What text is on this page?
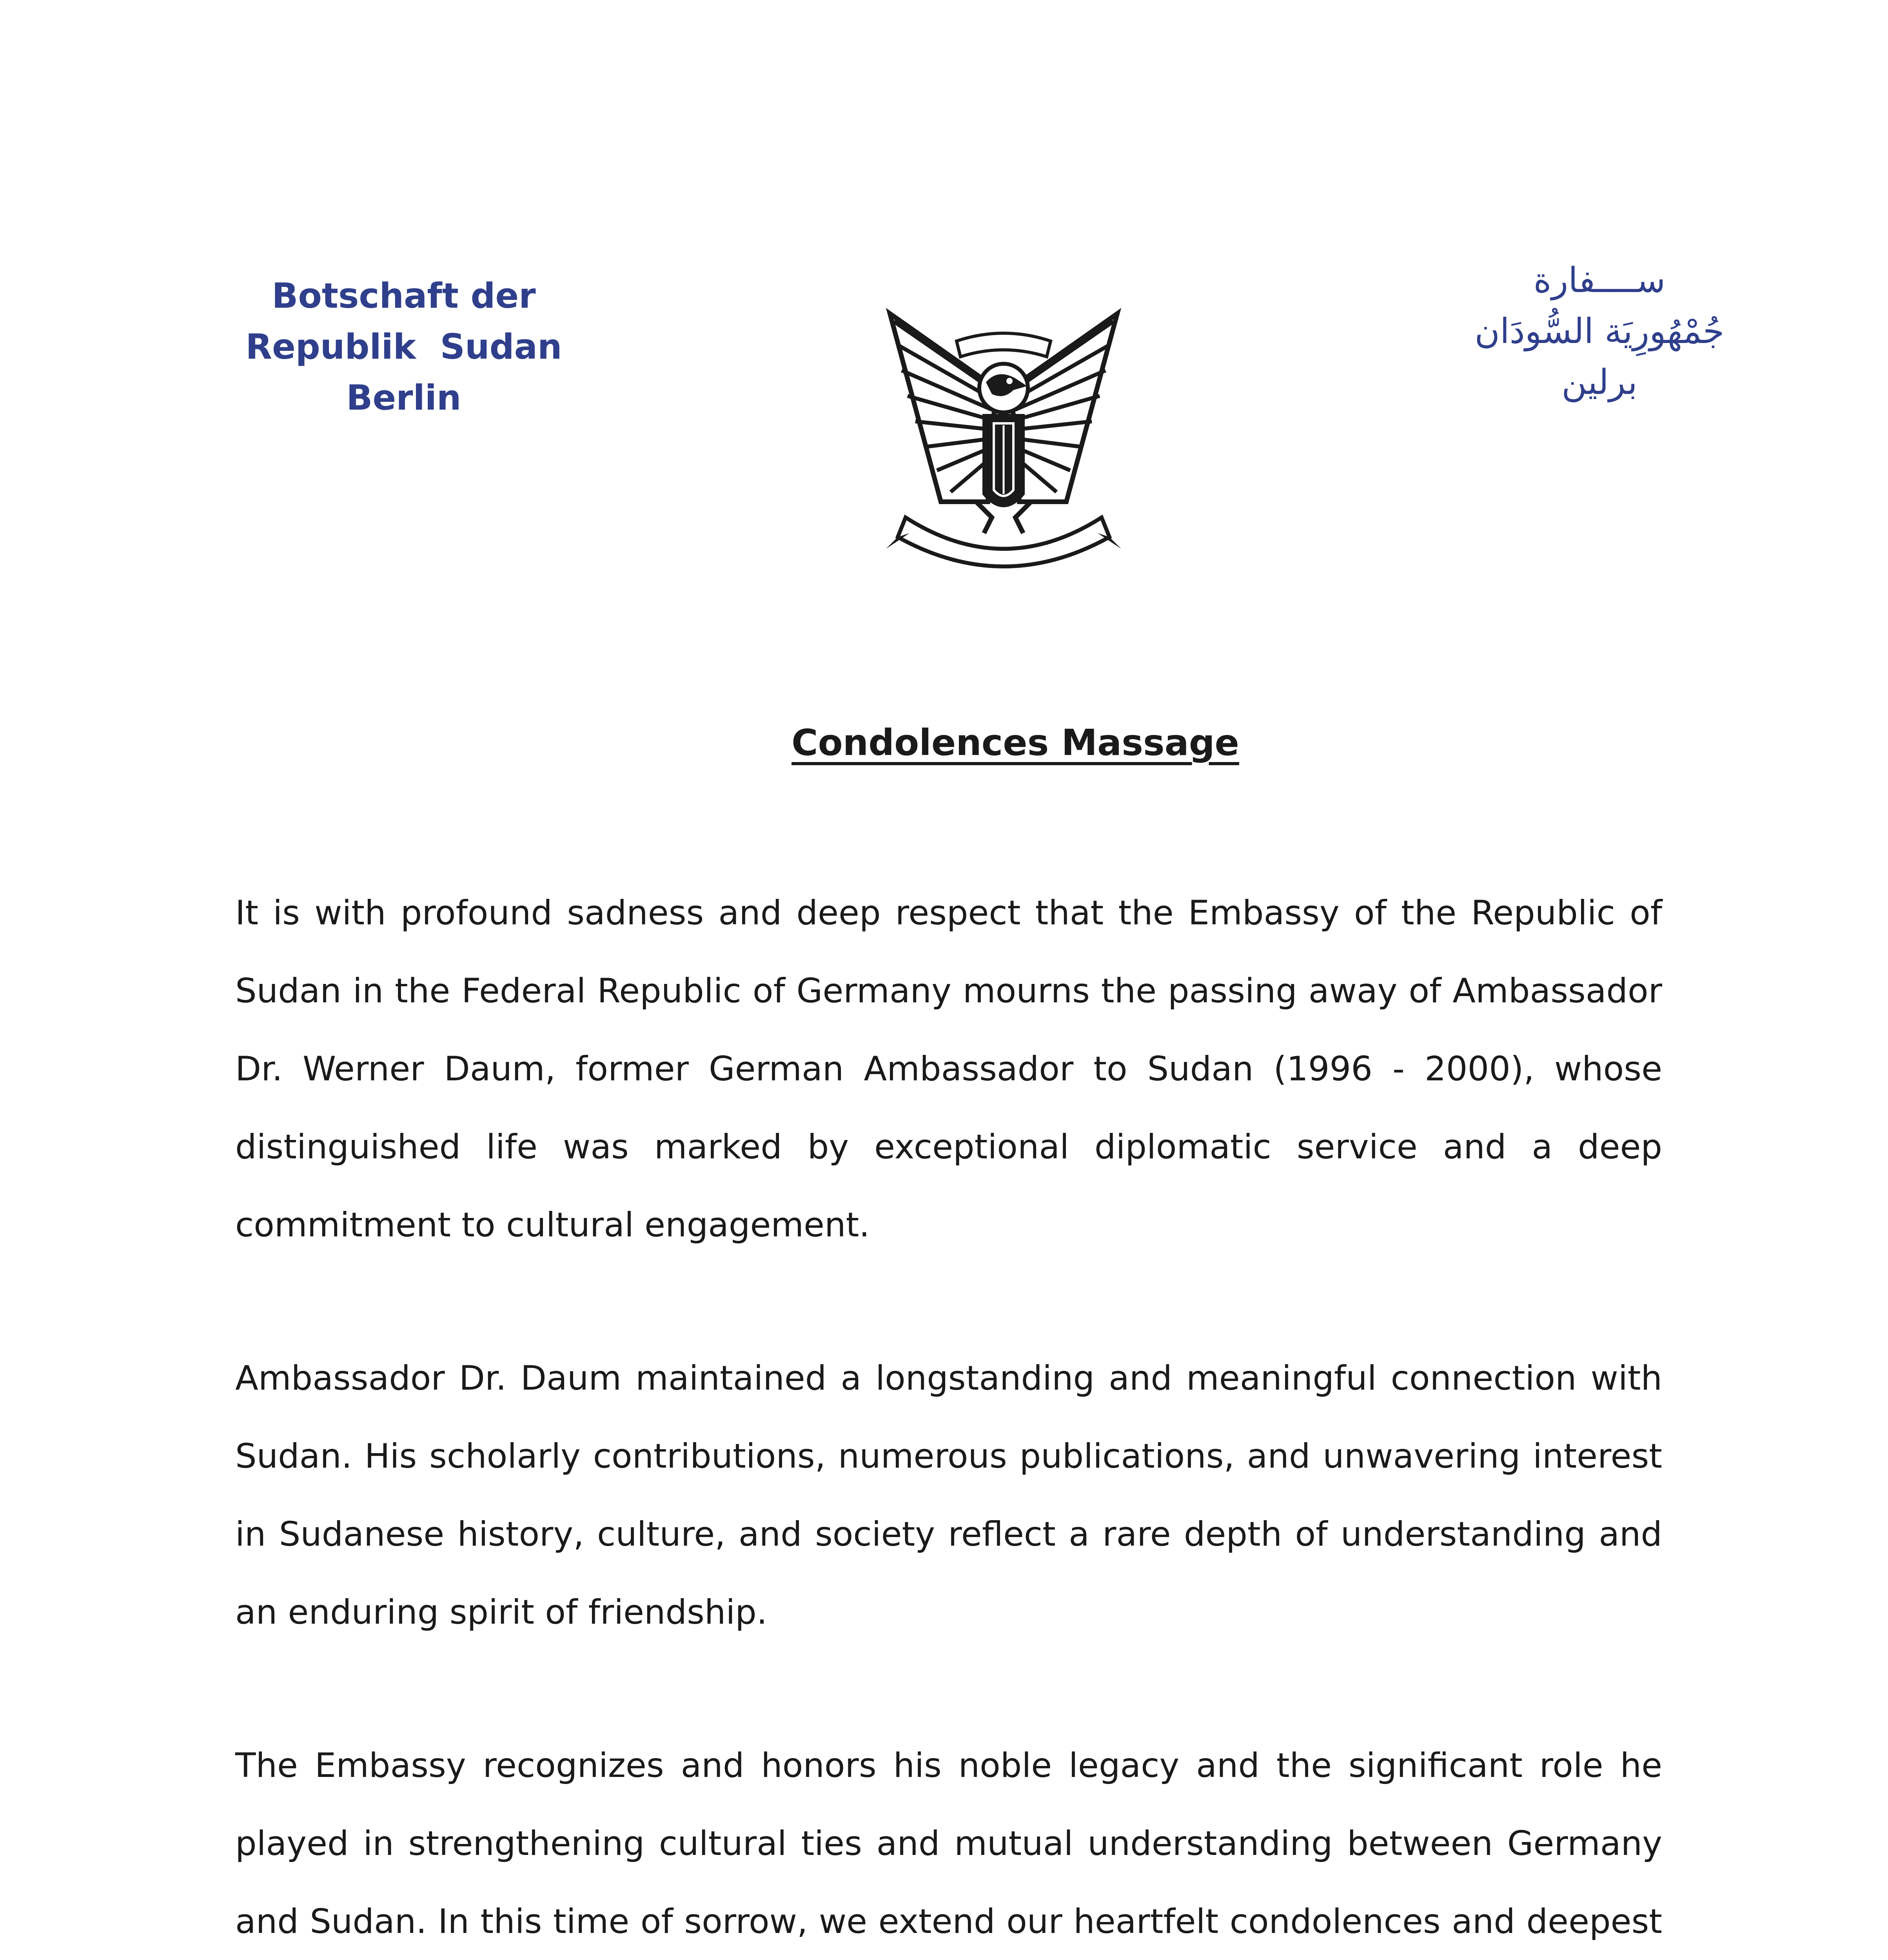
Botschaft der
Republik  Sudan
Berlin
ســــفارة
جُمْهُورِيَة السُّودَان
برلين
Condolences Massage

It is with profound sadness and deep respect that the Embassy of the Republic of Sudan in the Federal Republic of Germany mourns the passing away of Ambassador Dr. Werner Daum, former German Ambassador to Sudan (1996 - 2000), whose distinguished life was marked by exceptional diplomatic service and a deep commitment to cultural engagement.

Ambassador Dr. Daum maintained a longstanding and meaningful connection with Sudan. His scholarly contributions, numerous publications, and unwavering interest in Sudanese history, culture, and society reflect a rare depth of understanding and an enduring spirit of friendship.

The Embassy recognizes and honors his noble legacy and the significant role he played in strengthening cultural ties and mutual understanding between Germany and Sudan. In this time of sorrow, we extend our heartfelt condolences and deepest
